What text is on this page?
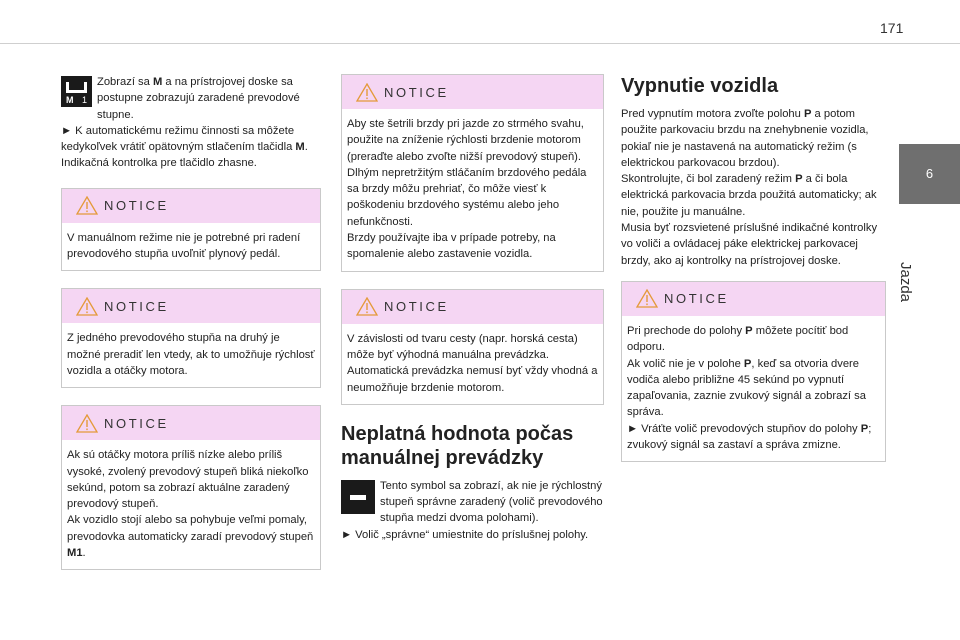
171
6
Jazda
M 1

Zobrazí sa M a na prístrojovej doske sa postupne zobrazujú zaradené prevodové stupne.

► K automatickému režimu činnosti sa môžete kedykoľvek vrátiť opätovným stlačením tlačidla M.

Indikačná kontrolka pre tlačidlo zhasne.

NOTICE

V manuálnom režime nie je potrebné pri radení prevodového stupňa uvoľniť plynový pedál.

NOTICE

Z jedného prevodového stupňa na druhý je možné preradiť len vtedy, ak to umožňuje rýchlosť vozidla a otáčky motora.

NOTICE

Ak sú otáčky motora príliš nízke alebo príliš vysoké, zvolený prevodový stupeň bliká niekoľko sekúnd, potom sa zobrazí aktuálne zaradený prevodový stupeň.

Ak vozidlo stojí alebo sa pohybuje veľmi pomaly, prevodovka automaticky zaradí prevodový stupeň M1.

NOTICE

Aby ste šetrili brzdy pri jazde zo strmého svahu, použite na zníženie rýchlosti brzdenie motorom (preraďte alebo zvoľte nižší prevodový stupeň).

Dlhým nepretržitým stláčaním brzdového pedála sa brzdy môžu prehriať, čo môže viesť k poškodeniu brzdového systému alebo jeho nefunkčnosti.

Brzdy používajte iba v prípade potreby, na spomalenie alebo zastavenie vozidla.

NOTICE

V závislosti od tvaru cesty (napr. horská cesta) môže byť výhodná manuálna prevádzka.

Automatická prevádzka nemusí byť vždy vhodná a neumožňuje brzdenie motorom.

Neplatná hodnota počas manuálnej prevádzky

Tento symbol sa zobrazí, ak nie je rýchlostný stupeň správne zaradený (volič prevodového stupňa medzi dvoma polohami).

► Volič „správne“ umiestnite do príslušnej polohy.

Vypnutie vozidla

Pred vypnutím motora zvoľte polohu P a potom použite parkovaciu brzdu na znehybnenie vozidla, pokiaľ nie je nastavená na automatický režim (s elektrickou parkovacou brzdou).

Skontrolujte, či bol zaradený režim P a či bola elektrická parkovacia brzda použitá automaticky; ak nie, použite ju manuálne.

Musia byť rozsvietené príslušné indikačné kontrolky vo voliči a ovládacej páke elektrickej parkovacej brzdy, ako aj kontrolky na prístrojovej doske.

NOTICE

Pri prechode do polohy P môžete pocítiť bod odporu.

Ak volič nie je v polohe P, keď sa otvoria dvere vodiča alebo približne 45 sekúnd po vypnutí zapaľovania, zaznie zvukový signál a zobrazí sa správa.

► Vráťte volič prevodových stupňov do polohy P; zvukový signál sa zastaví a správa zmizne.
